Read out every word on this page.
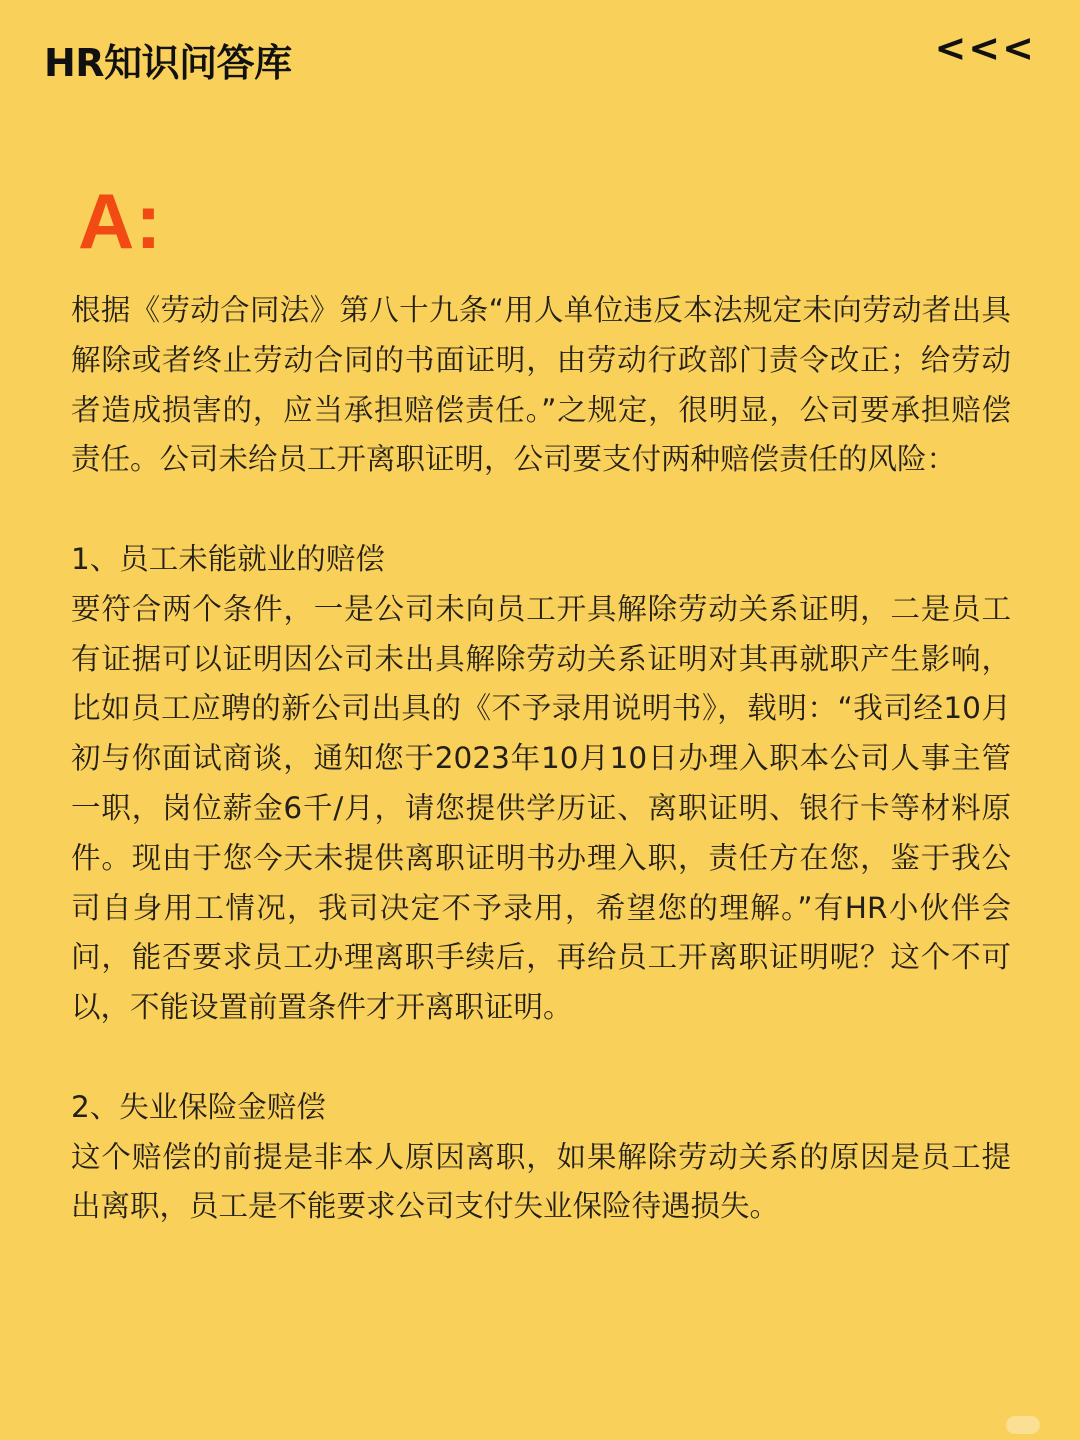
HR知识问答库	<<<
A:

根据《劳动合同法》第八十九条“用人单位违反本法规定未向劳动者出具解除或者终止劳动合同的书面证明，由劳动行政部门责令改正；给劳动者造成损害的，应当承担赔偿责任。”之规定，很明显，公司要承担赔偿责任。公司未给员工开离职证明，公司要支付两种赔偿责任的风险：

1、员工未能就业的赔偿

要符合两个条件，一是公司未向员工开具解除劳动关系证明，二是员工有证据可以证明因公司未出具解除劳动关系证明对其再就职产生影响，比如员工应聘的新公司出具的《不予录用说明书》，载明：“我司经10月初与你面试商谈，通知您于2023年10月10日办理入职本公司人事主管一职，岗位薪金6千/月，请您提供学历证、离职证明、银行卡等材料原件。现由于您今天未提供离职证明书办理入职，责任方在您，鉴于我公司自身用工情况，我司决定不予录用，希望您的理解。”有HR小伙伴会问，能否要求员工办理离职手续后，再给员工开离职证明呢？这个不可以，不能设置前置条件才开离职证明。

2、失业保险金赔偿

这个赔偿的前提是非本人原因离职，如果解除劳动关系的原因是员工提出离职，员工是不能要求公司支付失业保险待遇损失。
